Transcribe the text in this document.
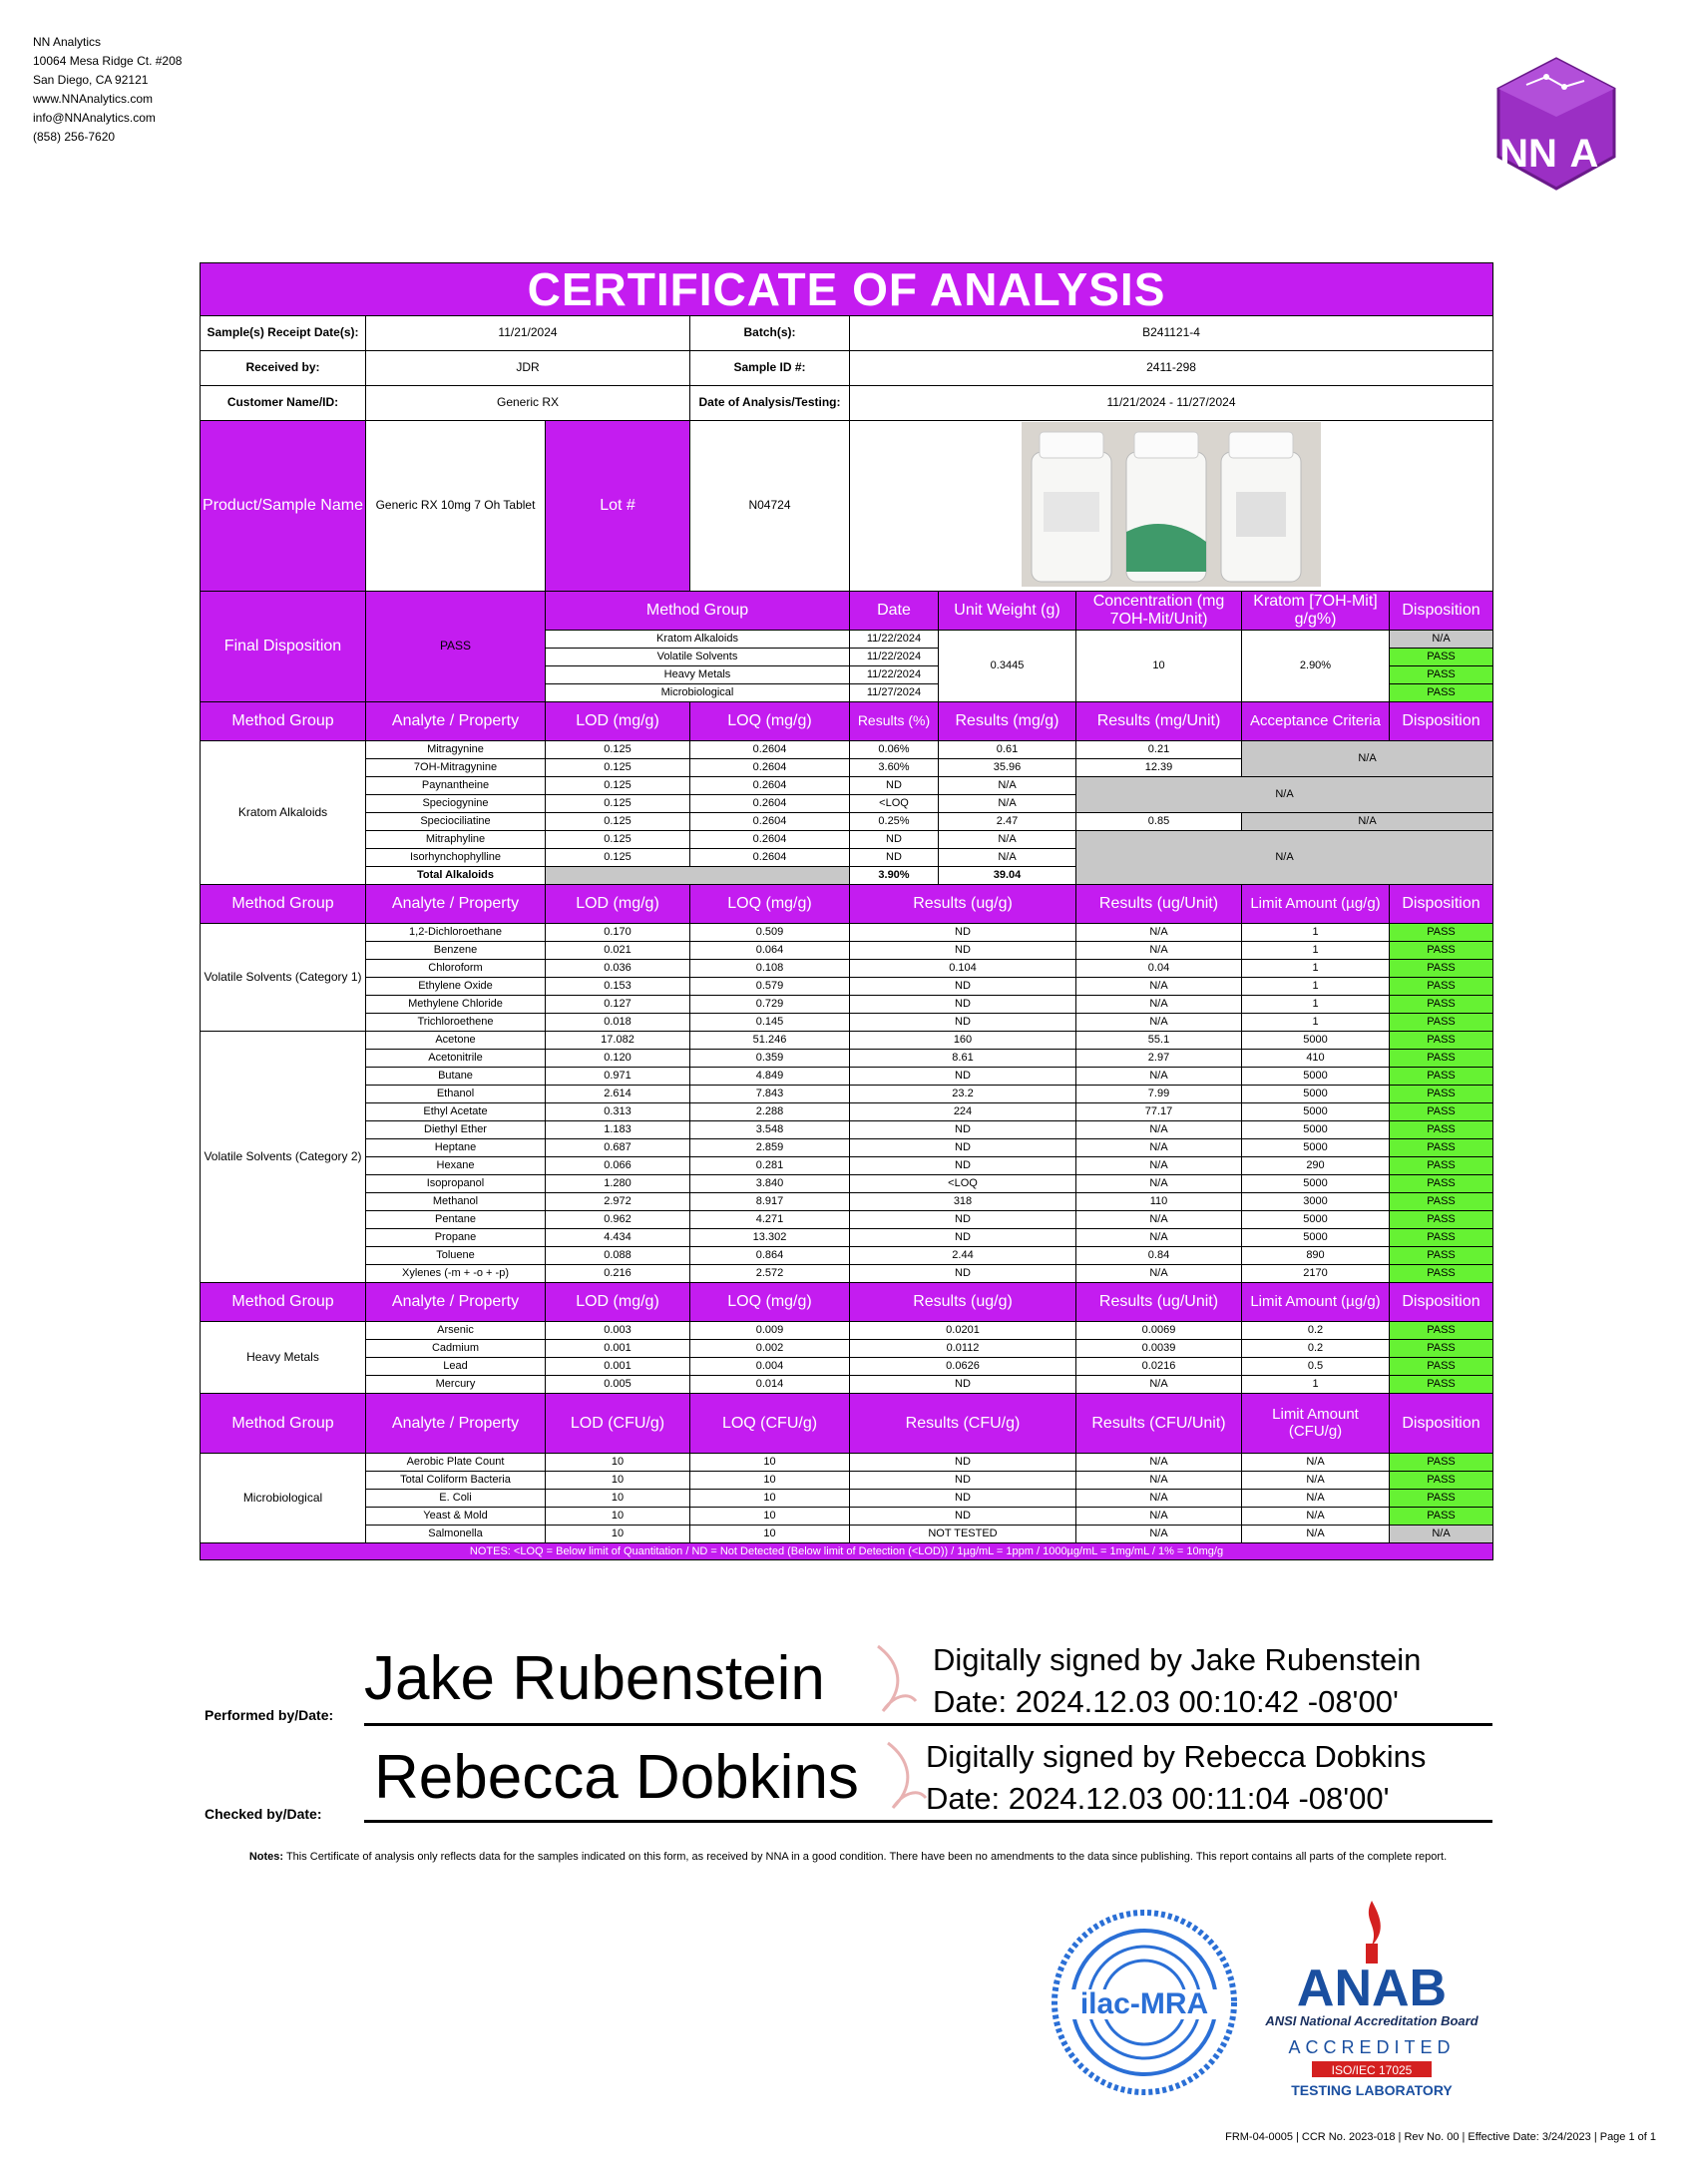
NN Analytics
10064 Mesa Ridge Ct. #208
San Diego, CA 92121
www.NNAnalytics.com
info@NNAnalytics.com
(858) 256-7620	NN A
CERTIFICATE OF ANALYSIS								
Sample(s) Receipt Date(s):	11/21/2024		Batch(s):	B241121-4				
Received by:	JDR		Sample ID #:	2411-298				
Customer Name/ID:	Generic RX		Date of Analysis/Testing:	11/21/2024 - 11/27/2024				
Product/Sample Name	Generic RX 10mg 7 Oh Tablet	Lot #	N04724	
Final Disposition	PASS	Method Group		Date	Unit Weight (g)	Concentration (mg 7OH-Mit/Unit)	Kratom [7OH-Mit] g/g%)	Disposition
		Kratom Alkaloids		11/22/2024	0.3445	10	2.90%	N/A
		Volatile Solvents		11/22/2024				PASS
		Heavy Metals		11/22/2024				PASS
		Microbiological		11/27/2024				PASS
Method Group	Analyte / Property	LOD (mg/g)	LOQ (mg/g)	Results (%)	Results (mg/g)	Results (mg/Unit)	Acceptance Criteria	Disposition
Kratom Alkaloids	Mitragynine	0.125	0.2604	0.06%	0.61	0.21	N/A	
	7OH-Mitragynine	0.125	0.2604	3.60%	35.96	12.39		
	Paynantheine	0.125	0.2604	ND	N/A	N/A		
	Speciogynine	0.125	0.2604	<LOQ	N/A			
	Speciociliatine	0.125	0.2604	0.25%	2.47	0.85	N/A	
	Mitraphyline	0.125	0.2604	ND	N/A	N/A		
	Isorhynchophylline	0.125	0.2604	ND	N/A			
	Total Alkaloids			3.90%	39.04			
Method Group	Analyte / Property	LOD (mg/g)	LOQ (mg/g)	Results (ug/g)		Results (ug/Unit)	Limit Amount (µg/g)	Disposition
Volatile Solvents (Category 1)	1,2-Dichloroethane	0.170	0.509	ND		N/A	1	PASS
	Benzene	0.021	0.064	ND		N/A	1	PASS
	Chloroform	0.036	0.108	0.104		0.04	1	PASS
	Ethylene Oxide	0.153	0.579	ND		N/A	1	PASS
	Methylene Chloride	0.127	0.729	ND		N/A	1	PASS
	Trichloroethene	0.018	0.145	ND		N/A	1	PASS
Volatile Solvents (Category 2)	Acetone	17.082	51.246	160		55.1	5000	PASS
	Acetonitrile	0.120	0.359	8.61		2.97	410	PASS
	Butane	0.971	4.849	ND		N/A	5000	PASS
	Ethanol	2.614	7.843	23.2		7.99	5000	PASS
	Ethyl Acetate	0.313	2.288	224		77.17	5000	PASS
	Diethyl Ether	1.183	3.548	ND		N/A	5000	PASS
	Heptane	0.687	2.859	ND		N/A	5000	PASS
	Hexane	0.066	0.281	ND		N/A	290	PASS
	Isopropanol	1.280	3.840	<LOQ		N/A	5000	PASS
	Methanol	2.972	8.917	318		110	3000	PASS
	Pentane	0.962	4.271	ND		N/A	5000	PASS
	Propane	4.434	13.302	ND		N/A	5000	PASS
	Toluene	0.088	0.864	2.44		0.84	890	PASS
	Xylenes (-m + -o + -p)	0.216	2.572	ND		N/A	2170	PASS
Method Group	Analyte / Property	LOD (mg/g)	LOQ (mg/g)	Results (ug/g)		Results (ug/Unit)	Limit Amount (µg/g)	Disposition
Heavy Metals	Arsenic	0.003	0.009	0.0201		0.0069	0.2	PASS
	Cadmium	0.001	0.002	0.0112		0.0039	0.2	PASS
	Lead	0.001	0.004	0.0626		0.0216	0.5	PASS
	Mercury	0.005	0.014	ND		N/A	1	PASS
Method Group	Analyte / Property	LOD (CFU/g)	LOQ (CFU/g)	Results (CFU/g)		Results (CFU/Unit)	Limit Amount (CFU/g)	Disposition
Microbiological	Aerobic Plate Count	10	10	ND		N/A	N/A	PASS
	Total Coliform Bacteria	10	10	ND		N/A	N/A	PASS
	E. Coli	10	10	ND		N/A	N/A	PASS
	Yeast & Mold	10	10	ND		N/A	N/A	PASS
	Salmonella	10	10	NOT TESTED		N/A	N/A	N/A
NOTES: <LOQ = Below limit of Quantitation / ND = Not Detected (Below limit of Detection (<LOD)) / 1µg/mL = 1ppm / 1000µg/mL = 1mg/mL / 1% = 10mg/g								
Performed by/Date:
Jake Rubenstein	Digitally signed by Jake Rubenstein
Date: 2024.12.03 00:10:42 -08'00'
Checked by/Date:
Rebecca Dobkins Digitally signed by Rebecca Dobkins
Date: 2024.12.03 00:11:04 -08'00'
Notes: This Certificate of analysis only reflects data for the samples indicated on this form, as received by NNA in a good condition. There have been no amendments to the data since publishing. This report contains all parts of the complete report.
ilac-MRA ANAB
ANSI National Accreditation Board
ACCREDITED
ISO/IEC 17025
TESTING LABORATORY
FRM-04-0005 | CCR No. 2023-018 | Rev No. 00 | Effective Date: 3/24/2023 | Page 1 of 1
